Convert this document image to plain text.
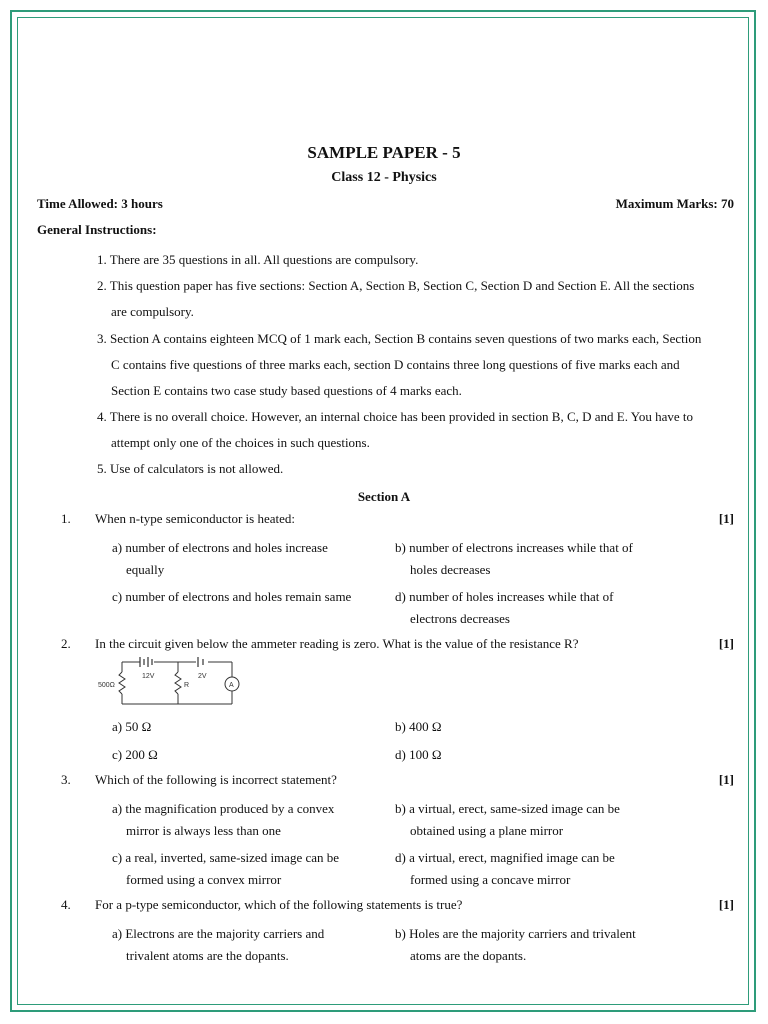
SAMPLE PAPER - 5
Class 12 - Physics
Time Allowed: 3 hours	Maximum Marks: 70
General Instructions:
1. There are 35 questions in all. All questions are compulsory.
2. This question paper has five sections: Section A, Section B, Section C, Section D and Section E. All the sections
are compulsory.
3. Section A contains eighteen MCQ of 1 mark each, Section B contains seven questions of two marks each, Section
C contains five questions of three marks each, section D contains three long questions of five marks each and
Section E contains two case study based questions of 4 marks each.
4. There is no overall choice. However, an internal choice has been provided in section B, C, D and E. You have to
attempt only one of the choices in such questions.
5. Use of calculators is not allowed.
Section A
1. When n-type semiconductor is heated:	[1]
a) number of electrons and holes increase
equally
b) number of electrons increases while that of
holes decreases
c) number of electrons and holes remain same	d) number of holes increases while that of
electrons decreases
2. In the circuit given below the ammeter reading is zero. What is the value of the resistance R?	[1]
500Ω
12V	2V
R	A
a) 50 Ω	b) 400 Ω
c) 200 Ω	d) 100 Ω
3. Which of the following is incorrect statement?	[1]
a) the magnification produced by a convex
mirror is always less than one
b) a virtual, erect, same-sized image can be
obtained using a plane mirror
c) a real, inverted, same-sized image can be
formed using a convex mirror
d) a virtual, erect, magnified image can be
formed using a concave mirror
4. For a p-type semiconductor, which of the following statements is true?	[1]
a) Electrons are the majority carriers and
trivalent atoms are the dopants.
b) Holes are the majority carriers and trivalent
atoms are the dopants.
